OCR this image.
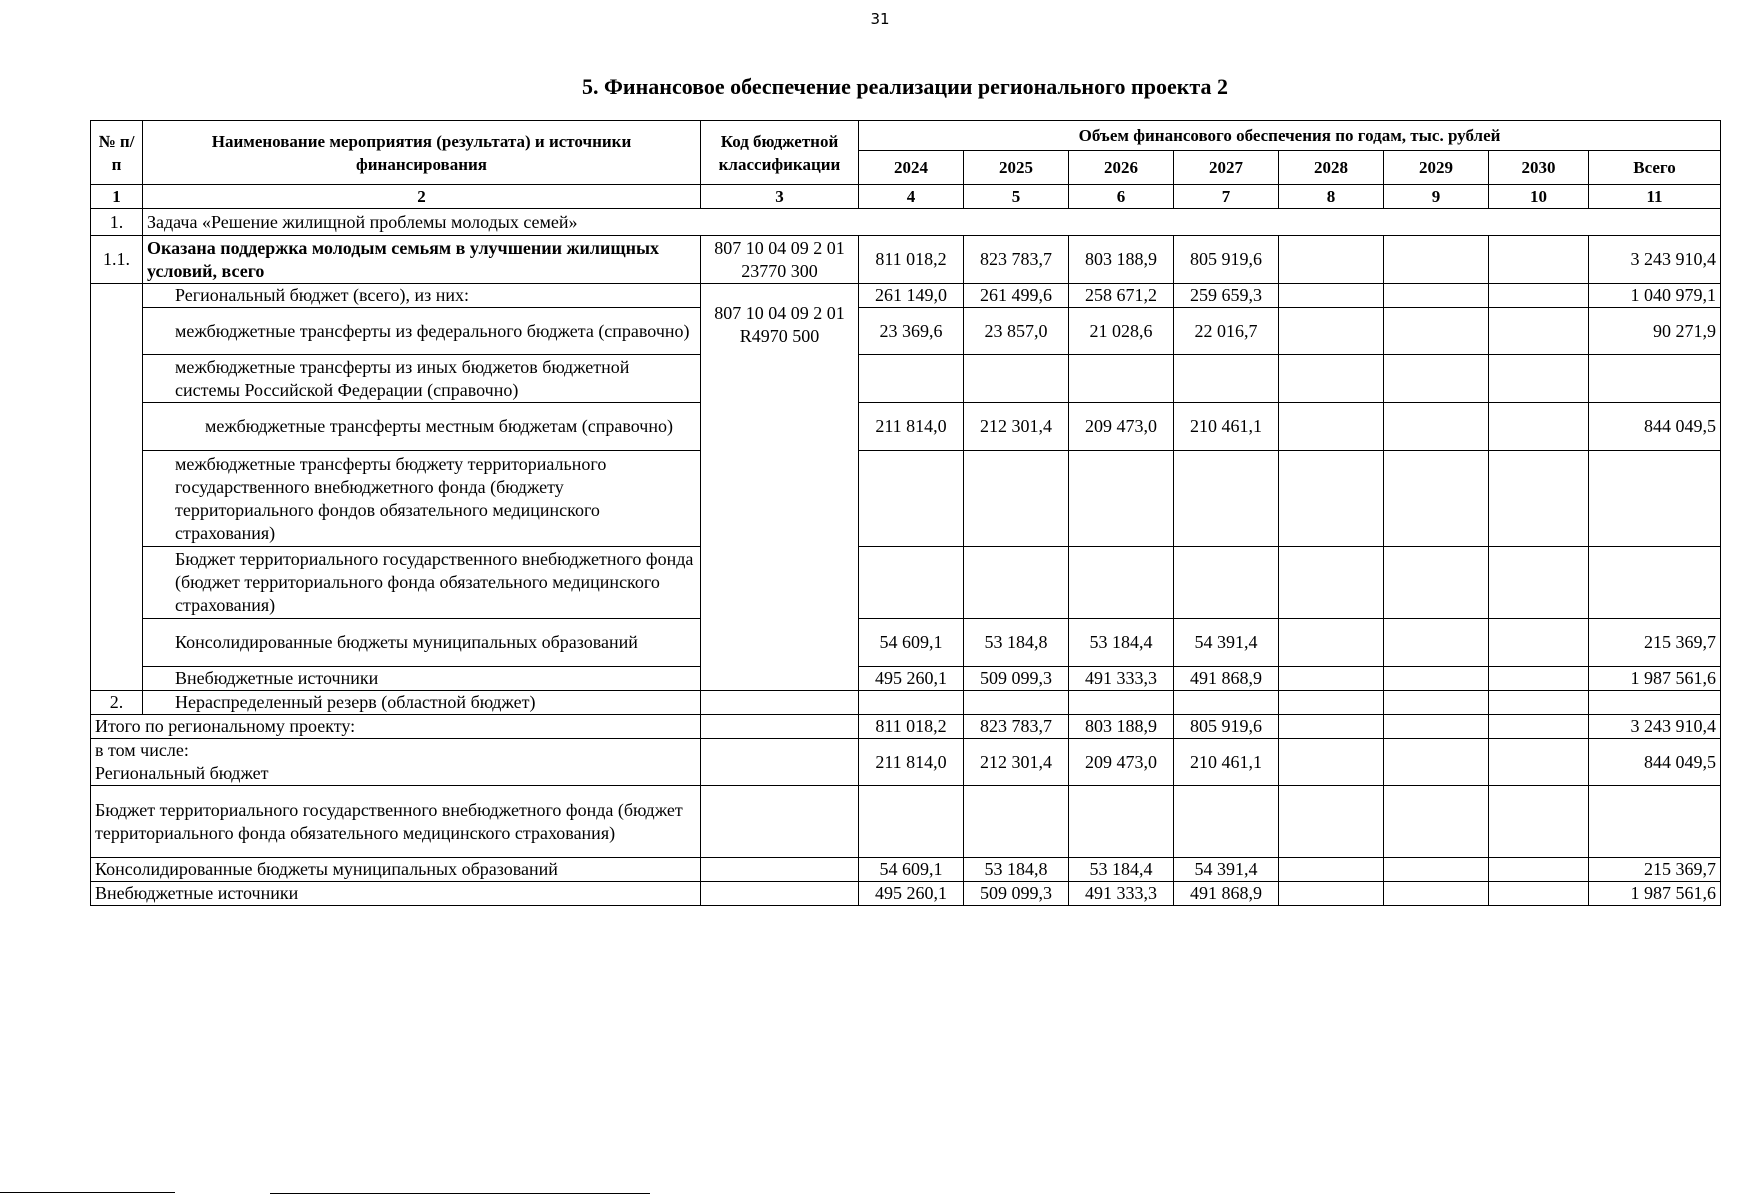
31
5. Финансовое обеспечение реализации регионального проекта 2
№ п/п	Наименование мероприятия (результата) и источники финансирования	Код бюджетной классификации	Объем финансового обеспечения по годам, тыс. рублей							
			2024	2025	2026	2027	2028	2029	2030	Всего
1	2	3	4	5	6	7	8	9	10	11
1.	Задача «Решение жилищной проблемы молодых семей»									
1.1.	Оказана поддержка молодым семьям в улучшении жилищных условий, всего	807 10 04 09 2 01 23770 300	811 018,2	823 783,7	803 188,9	805 919,6				3 243 910,4
	Региональный бюджет (всего), из них:	807 10 04 09 2 01 R4970 500	261 149,0	261 499,6	258 671,2	259 659,3				1 040 979,1
	межбюджетные трансферты из федерального бюджета (справочно)		23 369,6	23 857,0	21 028,6	22 016,7				90 271,9
	межбюджетные трансферты из иных бюджетов бюджетной системы Российской Федерации (справочно)									
	межбюджетные трансферты местным бюджетам (справочно)		211 814,0	212 301,4	209 473,0	210 461,1				844 049,5
	межбюджетные трансферты бюджету территориального государственного внебюджетного фонда (бюджету территориального фондов обязательного медицинского страхования)									
	Бюджет территориального государственного внебюджетного фонда (бюджет территориального фонда обязательного медицинского страхования)									
	Консолидированные бюджеты муниципальных образований		54 609,1	53 184,8	53 184,4	54 391,4				215 369,7
	Внебюджетные источники		495 260,1	509 099,3	491 333,3	491 868,9				1 987 561,6
2.	Нераспределенный резерв (областной бюджет)									
Итого по региональному проекту:			811 018,2	823 783,7	803 188,9	805 919,6				3 243 910,4
в том числе:
Региональный бюджет			211 814,0	212 301,4	209 473,0	210 461,1				844 049,5
Бюджет территориального государственного внебюджетного фонда (бюджет территориального фонда обязательного медицинского страхования)										
Консолидированные бюджеты муниципальных образований			54 609,1	53 184,8	53 184,4	54 391,4				215 369,7
Внебюджетные источники			495 260,1	509 099,3	491 333,3	491 868,9				1 987 561,6
